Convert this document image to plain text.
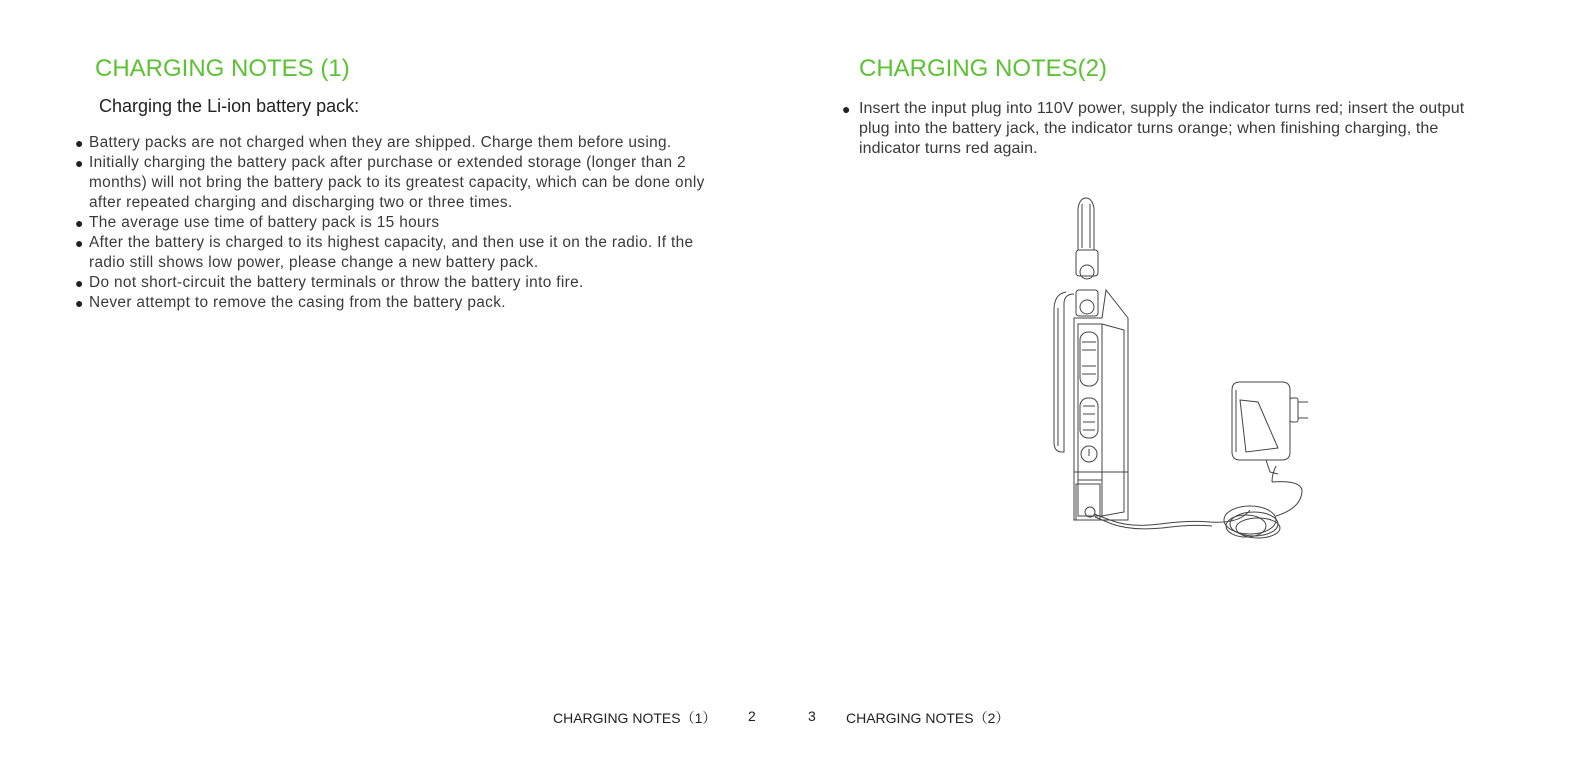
CHARGING NOTES (1)
Charging the Li-ion battery pack:
● Battery packs are not charged when they are shipped. Charge them before using.
● Initially charging the battery pack after purchase or extended storage (longer than 2 months) will not bring the battery pack to its greatest capacity, which can be done only after repeated charging and discharging two or three times.
● The average use time of battery pack is 15 hours
● After the battery is charged to its highest capacity, and then use it on the radio. If the radio still shows low power, please change a new battery pack.
● Do not short-circuit the battery terminals or throw the battery into fire.
● Never attempt to remove the casing from the battery pack.
CHARGING NOTES(2)
● Insert the input plug into 110V power, supply the indicator turns red; insert the output plug into the battery jack, the indicator turns orange; when finishing charging, the indicator turns red again.
CHARGING NOTES（1） 2	3 CHARGING NOTES（2）
